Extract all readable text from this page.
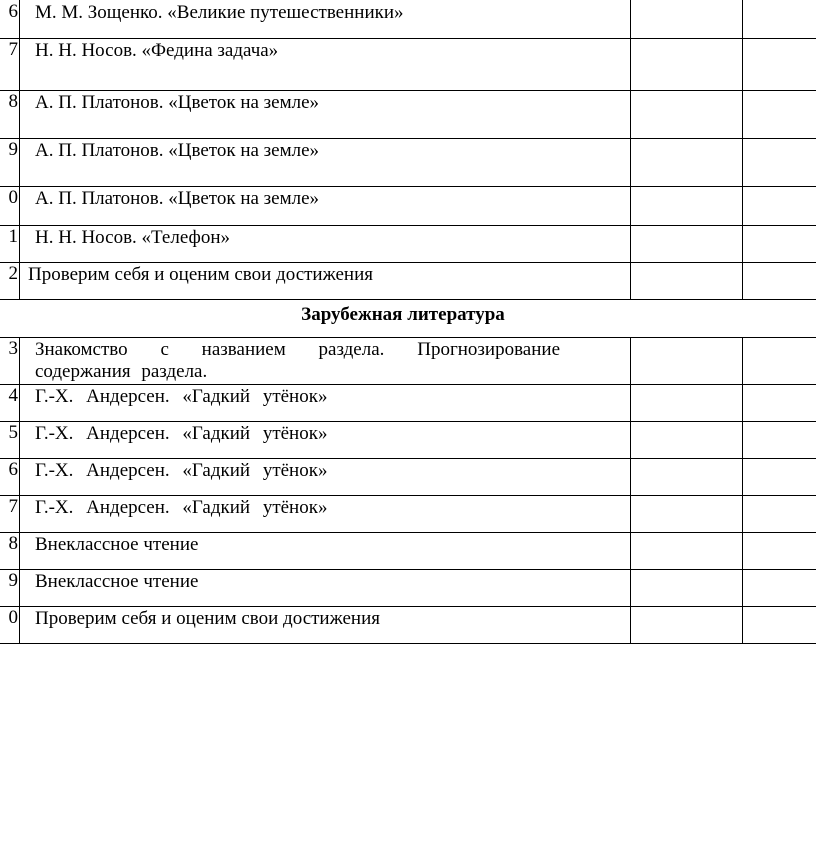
6	М. М. Зощенко. «Великие путешественники»		

7	Н. Н. Носов. «Федина задача»		

8	А. П. Платонов. «Цветок на земле»		

9	А. П. Платонов. «Цветок на земле»		

0	А. П. Платонов. «Цветок на земле»		

1	Н. Н. Носов. «Телефон»		

2	Проверим себя и оценим свои достижения		

Зарубежная литература			
3	Знакомство с названием раздела. Прогнозирование содержания раздела.		

4	Г.-Х. Андерсен. «Гадкий утёнок»		

5	Г.-Х. Андерсен. «Гадкий утёнок»		

6	Г.-Х. Андерсен. «Гадкий утёнок»		

7	Г.-Х. Андерсен. «Гадкий утёнок»		

8	Внеклассное чтение		

9	Внеклассное чтение		

0	Проверим себя и оценим свои достижения		
